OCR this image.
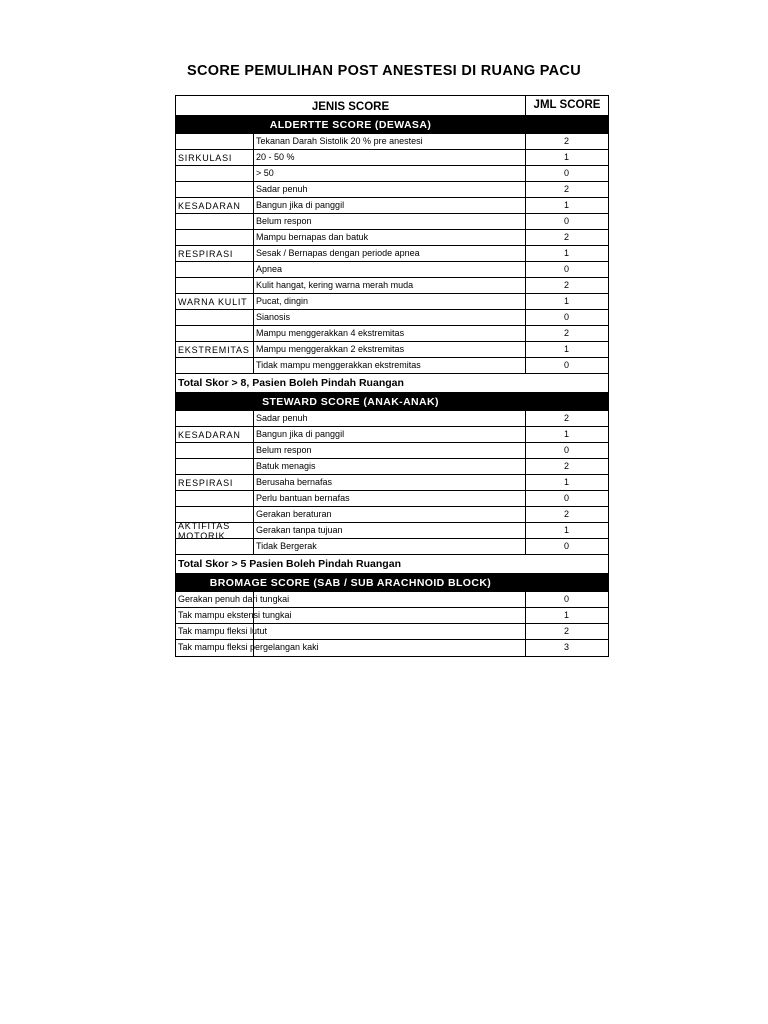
SCORE PEMULIHAN POST ANESTESI DI RUANG PACU
JENIS SCORE	JML SCORE
ALDERTTE SCORE (DEWASA)
SIRKULASI
Tekanan Darah Sistolik 20 % pre anestesi	2
20 - 50 %	1
> 50	0
KESADARAN
Sadar penuh	2
Bangun jika di panggil	1
Belum respon	0
RESPIRASI
Mampu bernapas dan batuk	2
Sesak / Bernapas dengan periode apnea	1
Apnea	0
WARNA KULIT
Kulit hangat, kering warna merah muda	2
Pucat, dingin	1
Sianosis	0
EKSTREMITAS
Mampu menggerakkan 4 ekstremitas	2
Mampu menggerakkan 2 ekstremitas	1
Tidak mampu menggerakkan ekstremitas	0
Total Skor > 8, Pasien Boleh Pindah Ruangan
STEWARD SCORE (ANAK-ANAK)
KESADARAN
Sadar penuh	2
Bangun jika di panggil	1
Belum respon	0
RESPIRASI
Batuk menagis	2
Berusaha bernafas	1
Perlu bantuan bernafas	0
AKTIFITAS MOTORIK
Gerakan beraturan	2
Gerakan tanpa tujuan	1
Tidak Bergerak	0
Total Skor > 5 Pasien Boleh Pindah Ruangan
BROMAGE SCORE (SAB / SUB ARACHNOID BLOCK)
Gerakan penuh dari tungkai	0
Tak mampu ekstensi tungkai	1
Tak mampu fleksi lutut	2
Tak mampu fleksi pergelangan kaki	3
